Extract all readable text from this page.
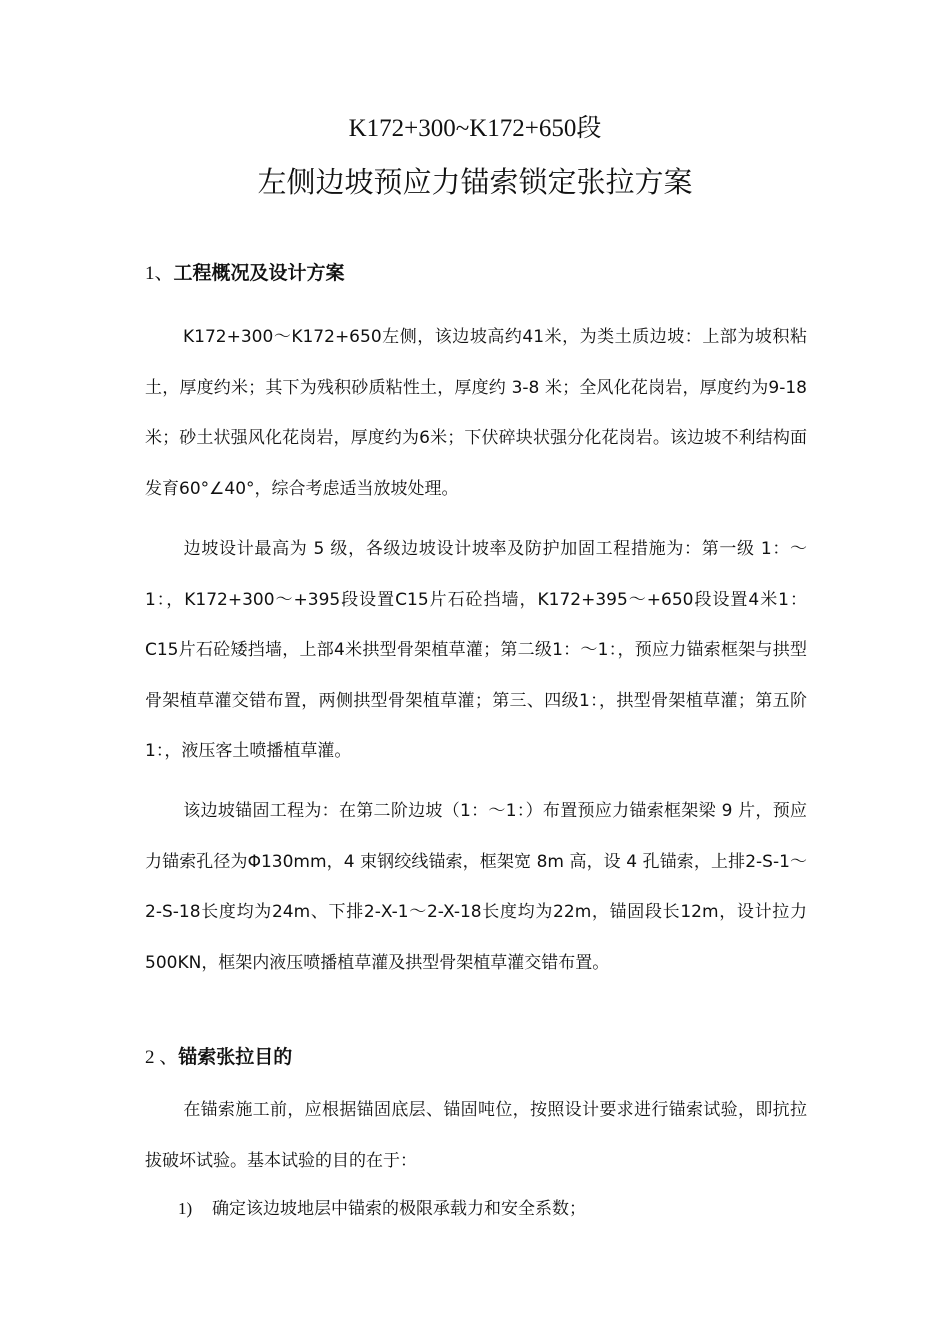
K172+300~K172+650段
左侧边坡预应力锚索锁定张拉方案
1、工程概况及设计方案

K172+300～K172+650左侧，该边坡高约41米，为类土质边坡：上部为坡积粘土，厚度约米；其下为残积砂质粘性土，厚度约 3-8 米；全风化花岗岩，厚度约为9-18米；砂土状强风化花岗岩，厚度约为6米；下伏碎块状强分化花岗岩。该边坡不利结构面发育60°∠40°，综合考虑适当放坡处理。

边坡设计最高为 5 级，各级边坡设计坡率及防护加固工程措施为：第一级 1：～1：，K172+300～+395段设置C15片石砼挡墙，K172+395～+650段设置4米1：C15片石砼矮挡墙，上部4米拱型骨架植草灌；第二级1：～1：，预应力锚索框架与拱型骨架植草灌交错布置，两侧拱型骨架植草灌；第三、四级1：，拱型骨架植草灌；第五阶1：，液压客土喷播植草灌。

该边坡锚固工程为：在第二阶边坡（1：～1：）布置预应力锚索框架梁 9 片，预应力锚索孔径为Φ130mm，4 束钢绞线锚索，框架宽 8m 高，设 4 孔锚索，上排2-S-1～2-S-18长度均为24m、下排2-X-1～2-X-18长度均为22m，锚固段长12m，设计拉力500KN，框架内液压喷播植草灌及拱型骨架植草灌交错布置。

2 、锚索张拉目的

在锚索施工前，应根据锚固底层、锚固吨位，按照设计要求进行锚索试验，即抗拉拔破坏试验。基本试验的目的在于：

1) 确定该边坡地层中锚索的极限承载力和安全系数；
